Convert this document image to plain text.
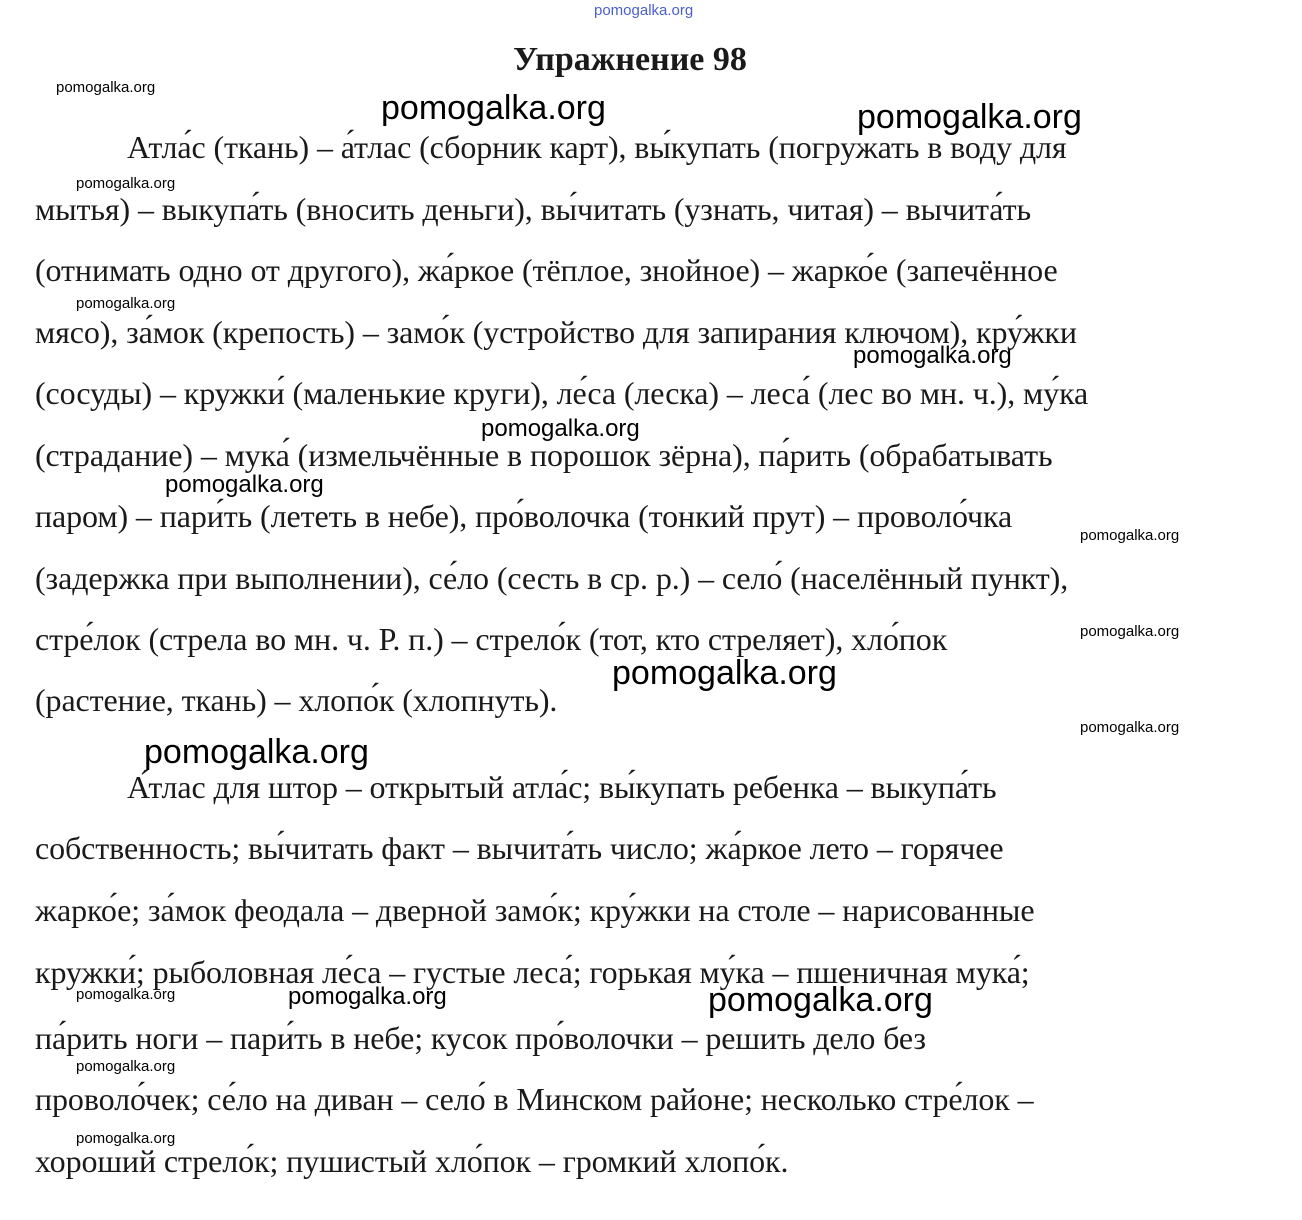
pomogalka.org
Упражнение 98
Атла́с (ткань) – а́тлас (сборник карт), вы́купать (погружать в воду для
мытья) – выкупа́ть (вносить деньги), вы́читать (узнать, читая) – вычита́ть
(отнимать одно от другого), жа́ркое (тёплое, знойное) – жарко́е (запечённое
мясо), за́мок (крепость) – замо́к (устройство для запирания ключом), кру́жки
(сосуды) – кружки́ (маленькие круги), ле́са (леска) – леса́ (лес во мн. ч.), му́ка
(страдание) – мука́ (измельчённые в порошок зёрна), па́рить (обрабатывать
паром) – пари́ть (лететь в небе), про́волочка (тонкий прут) – проволо́чка
(задержка при выполнении), се́ло (сесть в ср. р.) – село́ (населённый пункт),
стре́лок (стрела во мн. ч. Р. п.) – стрело́к (тот, кто стреляет), хло́пок
(растение, ткань) – хлопо́к (хлопнуть).
А́тлас для штор – открытый атла́с; вы́купать ребенка – выкупа́ть
собственность; вы́читать факт – вычита́ть число; жа́ркое лето – горячее
жарко́е; за́мок феодала – дверной замо́к; кру́жки на столе – нарисованные
кружки́; рыболовная ле́са – густые леса́; горькая му́ка – пшеничная мука́;
па́рить ноги – пари́ть в небе; кусок про́волочки – решить дело без
проволо́чек; се́ло на диван – село́ в Минском районе; несколько стре́лок –
хороший стрело́к; пушистый хло́пок – громкий хлопо́к.
pomogalka.org
pomogalka.org	pomogalka.org
pomogalka.org
pomogalka.org
pomogalka.org
pomogalka.org
pomogalka.org
pomogalka.org
pomogalka.org
pomogalka.org
pomogalka.org
pomogalka.org
pomogalka.org	pomogalka.org	pomogalka.org
pomogalka.org
pomogalka.org
